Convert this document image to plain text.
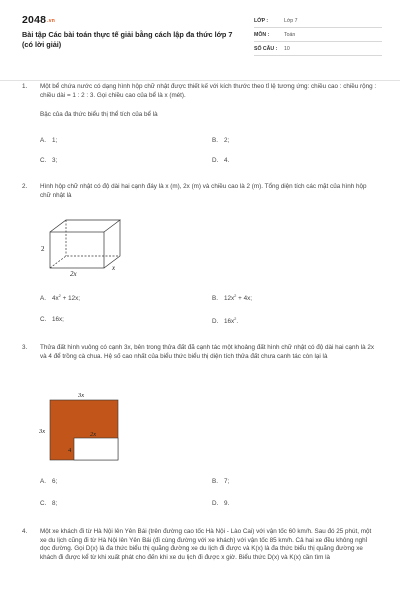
2048.vn
Bài tập Các bài toán thực tế giải bằng cách lập đa thức lớp 7 (có lời giải)
LỚP :	Lớp 7
MÔN :	Toán
SỐ CÂU : 10
1. Một bể chứa nước có dạng hình hộp chữ nhật được thiết kế với kích thước theo tỉ lệ tương ứng: chiều cao : chiều rộng : chiều dài = 1 : 2 : 3. Gọi chiều cao của bể là x (mét).
Bậc của đa thức biểu thị thể tích của bể là
A. 1;	B. 2;
C. 3;	D. 4.
2. Hình hộp chữ nhật có độ dài hai cạnh đáy là x (m), 2x (m) và chiều cao là 2 (m). Tổng diện tích các mặt của hình hộp chữ nhật là
2
2x
x
A. $4x^2 + 12x$;	B. $12x^2 + 4x$;
C. 16x;	D. $16x^2$.
3. Thửa đất hình vuông có cạnh 3x, bên trong thửa đất đã cạnh tác một khoảng đất hình chữ nhật có độ dài hai cạnh là 2x và 4 để trồng cà chua. Hệ số cao nhất của biểu thức biểu thị diện tích thửa đất chưa canh tác còn lại là
3x
3x	2x
4
A. 6;	B. 7;
C. 8;	D. 9.
4. Một xe khách đi từ Hà Nội lên Yên Bái (trên đường cao tốc Hà Nội - Lào Cai) với vận tốc 60 km/h. Sau đó 25 phút, một xe du lịch cũng đi từ Hà Nội lên Yên Bái (đi cùng đường với xe khách) với vận tốc 85 km/h. Cả hai xe đều không nghỉ dọc đường. Gọi D(x) là đa thức biểu thị quãng đường xe du lịch đi được và K(x) là đa thức biểu thị quãng đường xe khách đi được kể từ khi xuất phát cho đến khi xe du lịch đi được x giờ. Biểu thức D(x) và K(x) cần tìm là
